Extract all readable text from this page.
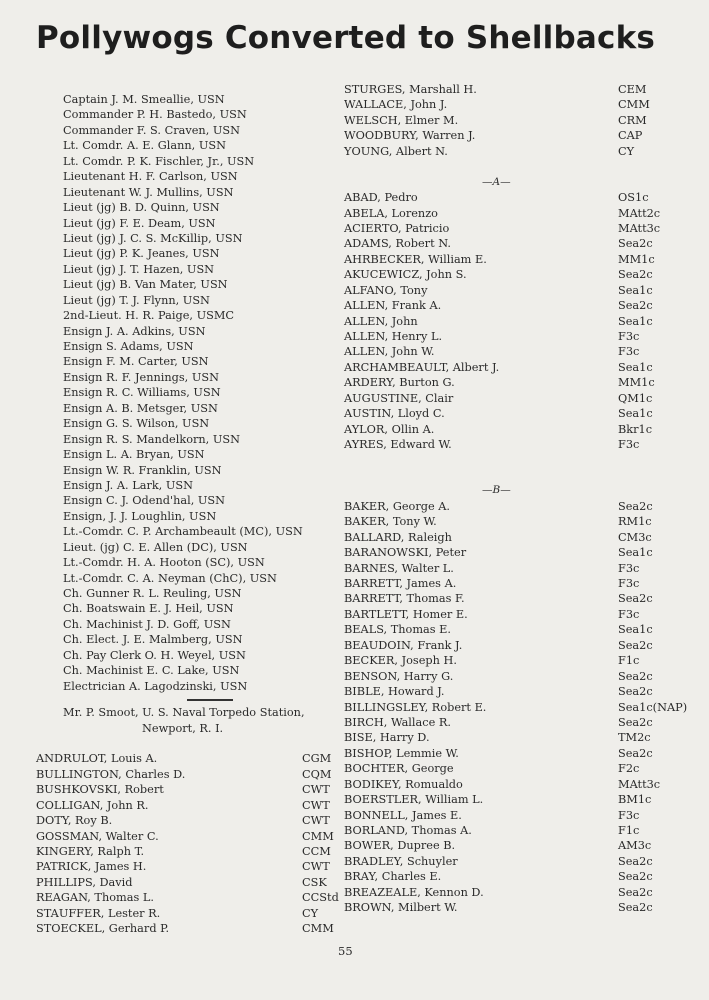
Pollywogs Converted to Shellbacks
Captain J. M. Smeallie, USN
Commander P. H. Bastedo, USN
Commander F. S. Craven, USN
Lt. Comdr. A. E. Glann, USN
Lt. Comdr. P. K. Fischler, Jr., USN
Lieutenant H. F. Carlson, USN
Lieutenant W. J. Mullins, USN
Lieut (jg) B. D. Quinn, USN
Lieut (jg) F. E. Deam, USN
Lieut (jg) J. C. S. McKillip, USN
Lieut (jg) P. K. Jeanes, USN
Lieut (jg) J. T. Hazen, USN
Lieut (jg) B. Van Mater, USN
Lieut (jg) T. J. Flynn, USN
2nd-Lieut. H. R. Paige, USMC
Ensign J. A. Adkins, USN
Ensign S. Adams, USN
Ensign F. M. Carter, USN
Ensign R. F. Jennings, USN
Ensign R. C. Williams, USN
Ensign A. B. Metsger, USN
Ensign G. S. Wilson, USN
Ensign R. S. Mandelkorn, USN
Ensign L. A. Bryan, USN
Ensign W. R. Franklin, USN
Ensign J. A. Lark, USN
Ensign C. J. Odend'hal, USN
Ensign, J. J. Loughlin, USN
Lt.-Comdr. C. P. Archambeault (MC), USN
Lieut. (jg) C. E. Allen (DC), USN
Lt.-Comdr. H. A. Hooton (SC), USN
Lt.-Comdr. C. A. Neyman (ChC), USN
Ch. Gunner R. L. Reuling, USN
Ch. Boatswain E. J. Heil, USN
Ch. Machinist J. D. Goff, USN
Ch. Elect. J. E. Malmberg, USN
Ch. Pay Clerk O. H. Weyel, USN
Ch. Machinist E. C. Lake, USN
Electrician A. Lagodzinski, USN
Mr. P. Smoot, U. S. Naval Torpedo Station,
Newport, R. I.
ANDRULOT, Louis A.	CGM
BULLINGTON, Charles D.	CQM
BUSHKOVSKI, Robert	CWT
COLLIGAN, John R.	CWT
DOTY, Roy B.	CWT
GOSSMAN, Walter C.	CMM
KINGERY, Ralph T.	CCM
PATRICK, James H.	CWT
PHILLIPS, David	CSK
REAGAN, Thomas L.	CCStd
STAUFFER, Lester R.	CY
STOECKEL, Gerhard P.	CMM
STURGES, Marshall H.	CEM
WALLACE, John J.	CMM
WELSCH, Elmer M.	CRM
WOODBURY, Warren J.	CAP
YOUNG, Albert N.	CY
—A—
ABAD, Pedro	OS1c
ABELA, Lorenzo	MAtt2c
ACIERTO, Patricio	MAtt3c
ADAMS, Robert N.	Sea2c
AHRBECKER, William E.	MM1c
AKUCEWICZ, John S.	Sea2c
ALFANO, Tony	Sea1c
ALLEN, Frank A.	Sea2c
ALLEN, John	Sea1c
ALLEN, Henry L.	F3c
ALLEN, John W.	F3c
ARCHAMBEAULT, Albert J.	Sea1c
ARDERY, Burton G.	MM1c
AUGUSTINE, Clair	QM1c
AUSTIN, Lloyd C.	Sea1c
AYLOR, Ollin A.	Bkr1c
AYRES, Edward W.	F3c
—B—
BAKER, George A.	Sea2c
BAKER, Tony W.	RM1c
BALLARD, Raleigh	CM3c
BARANOWSKI, Peter	Sea1c
BARNES, Walter L.	F3c
BARRETT, James A.	F3c
BARRETT, Thomas F.	Sea2c
BARTLETT, Homer E.	F3c
BEALS, Thomas E.	Sea1c
BEAUDOIN, Frank J.	Sea2c
BECKER, Joseph H.	F1c
BENSON, Harry G.	Sea2c
BIBLE, Howard J.	Sea2c
BILLINGSLEY, Robert E.	Sea1c(NAP)
BIRCH, Wallace R.	Sea2c
BISE, Harry D.	TM2c
BISHOP, Lemmie W.	Sea2c
BOCHTER, George	F2c
BODIKEY, Romualdo	MAtt3c
BOERSTLER, William L.	BM1c
BONNELL, James E.	F3c
BORLAND, Thomas A.	F1c
BOWER, Dupree B.	AM3c
BRADLEY, Schuyler	Sea2c
BRAY, Charles E.	Sea2c
BREAZEALE, Kennon D.	Sea2c
BROWN, Milbert W.	Sea2c
55
